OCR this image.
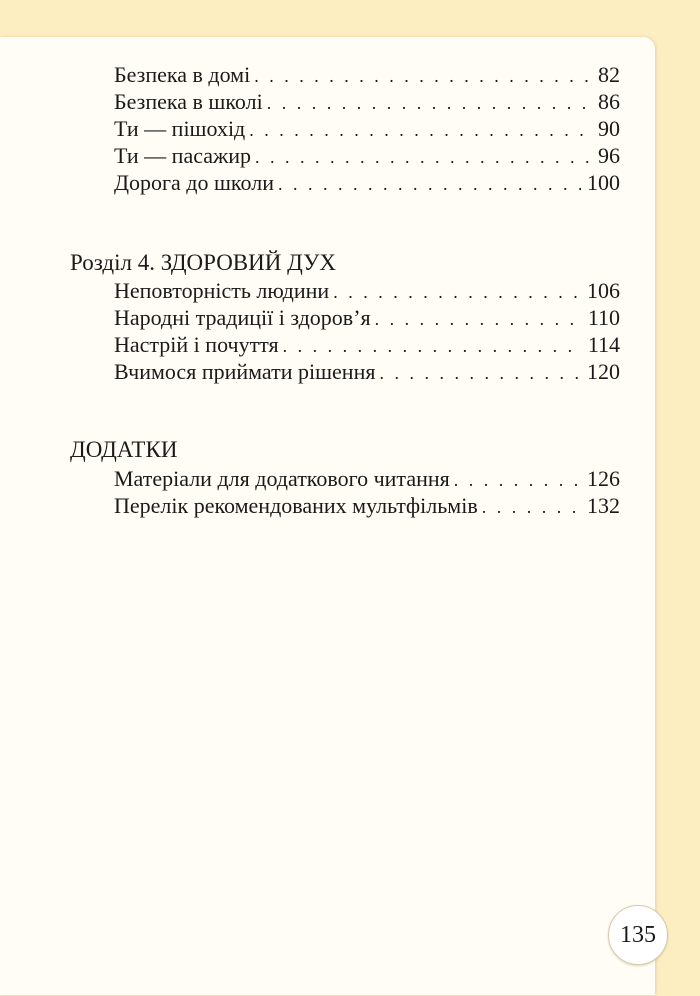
Безпека в домі . . .	82
Безпека в школі . . .	86
Ти — пішохід . . .	90
Ти — пасажир . . .	96
Дорога до школи . . .	100
Розділ 4. ЗДОРОВИЙ ДУХ
Неповторність людини . . .	106
Народні традиції і здоров’я . . .	110
Настрій і почуття . . .	114
Вчимося приймати рішення . . .	120
ДОДАТКИ
Матеріали для додаткового читання . . .	126
Перелік рекомендованих мультфільмів . . .	132
135
